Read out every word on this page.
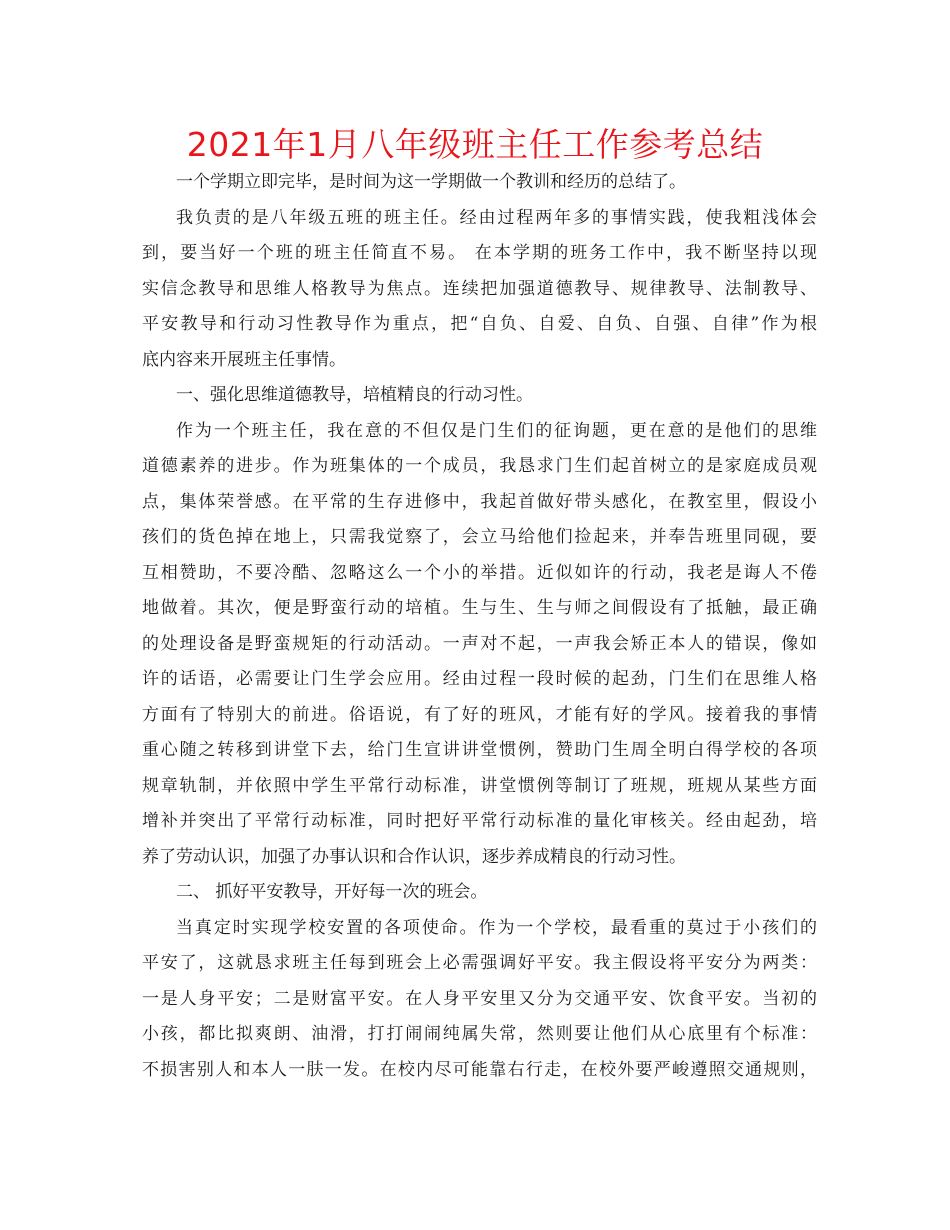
2021年1月八年级班主任工作参考总结
一个学期立即完毕，是时间为这一学期做一个教训和经历的总结了。
我负责的是八年级五班的班主任。经由过程两年多的事情实践，使我粗浅体会
到，要当好一个班的班主任简直不易。 在本学期的班务工作中，我不断坚持以现
实信念教导和思维人格教导为焦点。连续把加强道德教导、规律教导、法制教导、
平安教导和行动习性教导作为重点，把“自负、自爱、自负、自强、自律”作为根
底内容来开展班主任事情。
一、强化思维道德教导，培植精良的行动习性。
作为一个班主任，我在意的不但仅是门生们的征询题，更在意的是他们的思维
道德素养的进步。作为班集体的一个成员，我恳求门生们起首树立的是家庭成员观
点，集体荣誉感。在平常的生存进修中，我起首做好带头感化，在教室里，假设小
孩们的货色掉在地上，只需我觉察了，会立马给他们捡起来，并奉告班里同砚，要
互相赞助，不要冷酷、忽略这么一个小的举措。近似如许的行动，我老是诲人不倦
地做着。其次，便是野蛮行动的培植。生与生、生与师之间假设有了抵触，最正确
的处理设备是野蛮规矩的行动活动。一声对不起，一声我会矫正本人的错误，像如
许的话语，必需要让门生学会应用。经由过程一段时候的起劲，门生们在思维人格
方面有了特别大的前进。俗语说，有了好的班风，才能有好的学风。接着我的事情
重心随之转移到讲堂下去，给门生宣讲讲堂惯例，赞助门生周全明白得学校的各项
规章轨制，并依照中学生平常行动标准，讲堂惯例等制订了班规，班规从某些方面
增补并突出了平常行动标准，同时把好平常行动标准的量化审核关。经由起劲，培
养了劳动认识，加强了办事认识和合作认识，逐步养成精良的行动习性。
二、 抓好平安教导，开好每一次的班会。
当真定时实现学校安置的各项使命。作为一个学校，最看重的莫过于小孩们的
平安了，这就恳求班主任每到班会上必需强调好平安。我主假设将平安分为两类：
一是人身平安；二是财富平安。在人身平安里又分为交通平安、饮食平安。当初的
小孩，都比拟爽朗、油滑，打打闹闹纯属失常，然则要让他们从心底里有个标准：
不损害别人和本人一肤一发。在校内尽可能靠右行走，在校外要严峻遵照交通规则，
